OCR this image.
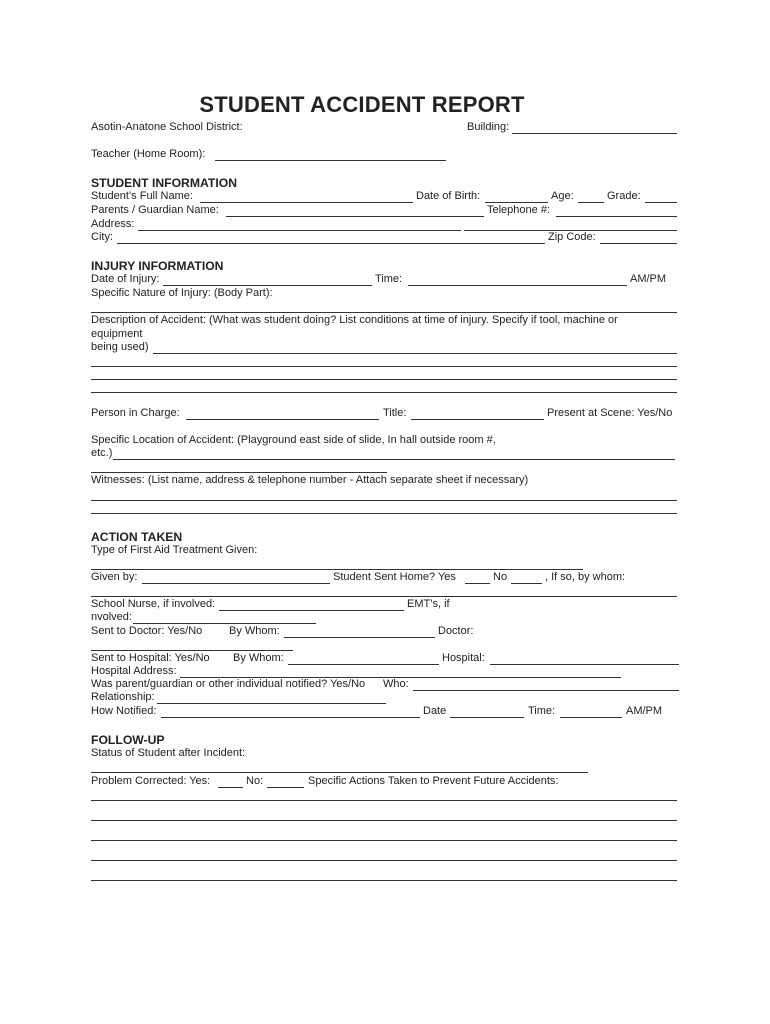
STUDENT ACCIDENT REPORT
Asotin-Anatone School District:	Building:
Teacher (Home Room):
STUDENT INFORMATION
Student’s Full Name:	Date of Birth:	Age:	Grade:
Parents / Guardian Name:	Telephone #:
Address:
City:	Zip Code:
INJURY INFORMATION
Date of Injury:	Time:	AM/PM
Specific Nature of Injury: (Body Part):
Description of Accident: (What was student doing? List conditions at time of injury. Specify if tool, machine or
equipment
being used)
Person in Charge:	Title:	Present at Scene: Yes/No
Specific Location of Accident: (Playground east side of slide, In hall outside room #,
etc.)
Witnesses: (List name, address & telephone number - Attach separate sheet if necessary)
ACTION TAKEN
Type of First Aid Treatment Given:
Given by:	Student Sent Home? Yes	No	, If so, by whom:
School Nurse, if involved:	EMT’s, if
nvolved:
Sent to Doctor: Yes/No By Whom:	Doctor:
Sent to Hospital: Yes/No By Whom:	Hospital:
Hospital Address:
Was parent/guardian or other individual notified? Yes/No Who:
Relationship:
How Notified:	Date	Time:	AM/PM
FOLLOW-UP
Status of Student after Incident:
Problem Corrected: Yes:	No:	Specific Actions Taken to Prevent Future Accidents:
